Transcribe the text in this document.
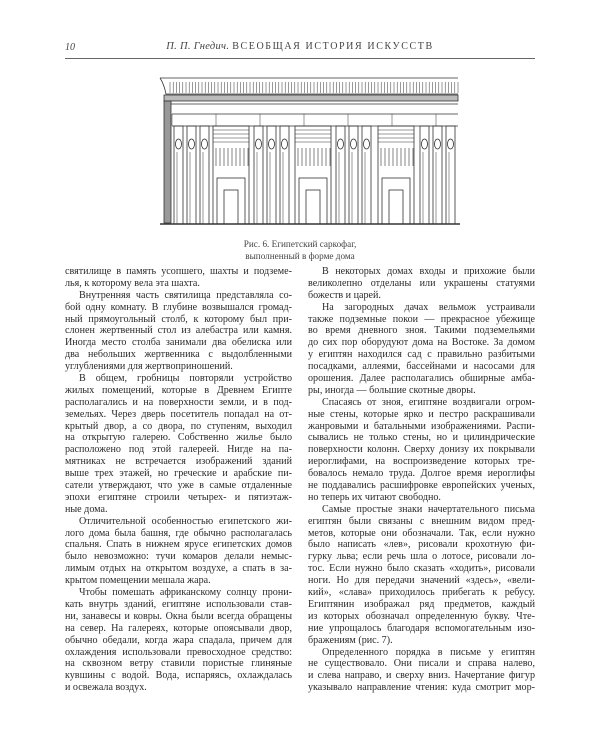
10	П. П. Гнедич. ВСЕОБЩАЯ ИСТОРИЯ ИСКУССТВ
Рис. 6. Египетский саркофаг,
выполненный в форме дома
святилище в память усопшего, шахты и подземе-
лья, к которому вела эта шахта.
Внутренняя часть святилища представляла со-
бой одну комнату. В глубине возвышался громад-
ный прямоугольный столб, к которому был при-
слонен жертвенный стол из алебастра или камня.
Иногда место столба занимали два обелиска или
два небольших жертвенника с выдолбленными
углублениями для жертвоприношений.
В общем, гробницы повторяли устройство
жилых помещений, которые в Древнем Египте
располагались и на поверхности земли, и в под-
земельях. Через дверь посетитель попадал на от-
крытый двор, а со двора, по ступеням, выходил
на открытую галерею. Собственно жилье было
расположено под этой галереей. Нигде на па-
мятниках не встречается изображений зданий
выше трех этажей, но греческие и арабские пи-
сатели утверждают, что уже в самые отдаленные
эпохи египтяне строили четырех- и пятиэтаж-
ные дома.
Отличительной особенностью египетского жи-
лого дома была башня, где обычно располагалась
спальня. Спать в нижнем ярусе египетских домов
было невозможно: тучи комаров делали немыс-
лимым отдых на открытом воздухе, а спать в за-
крытом помещении мешала жара.
Чтобы помешать африканскому солнцу прони-
кать внутрь зданий, египтяне использовали став-
ни, занавесы и ковры. Окна были всегда обращены
на север. На галереях, которые опоясывали двор,
обычно обедали, когда жара спадала, причем для
охлаждения использовали превосходное средство:
на сквозном ветру ставили пористые глиняные
кувшины с водой. Вода, испаряясь, охлаждалась
и освежала воздух.
В некоторых домах входы и прихожие были
великолепно отделаны или украшены статуями
божеств и царей.
На загородных дачах вельмож устраивали
также подземные покои — прекрасное убежище
во время дневного зноя. Такими подземельями
до сих пор оборудуют дома на Востоке. За домом
у египтян находился сад с правильно разбитыми
посадками, аллеями, бассейнами и насосами для
орошения. Далее располагались обширные амба-
ры, иногда — большие скотные дворы.
Спасаясь от зноя, египтяне воздвигали огром-
ные стены, которые ярко и пестро раскрашивали
жанровыми и батальными изображениями. Распи-
сывались не только стены, но и цилиндрические
поверхности колонн. Сверху донизу их покрывали
иероглифами, на воспроизведение которых тре-
бовалось немало труда. Долгое время иероглифы
не поддавались расшифровке европейских ученых,
но теперь их читают свободно.
Самые простые знаки начертательного письма
египтян были связаны с внешним видом пред-
метов, которые они обозначали. Так, если нужно
было написать «лев», рисовали крохотную фи-
гурку льва; если речь шла о лотосе, рисовали ло-
тос. Если нужно было сказать «ходить», рисовали
ноги. Но для передачи значений «здесь», «вели-
кий», «слава» приходилось прибегать к ребусу.
Египтянин изображал ряд предметов, каждый
из которых обозначал определенную букву. Чте-
ние упрощалось благодаря вспомогательным изо-
бражениям (рис. 7).
Определенного порядка в письме у египтян
не существовало. Они писали и справа налево,
и слева направо, и сверху вниз. Начертание фигур
указывало направление чтения: куда смотрит мор-
